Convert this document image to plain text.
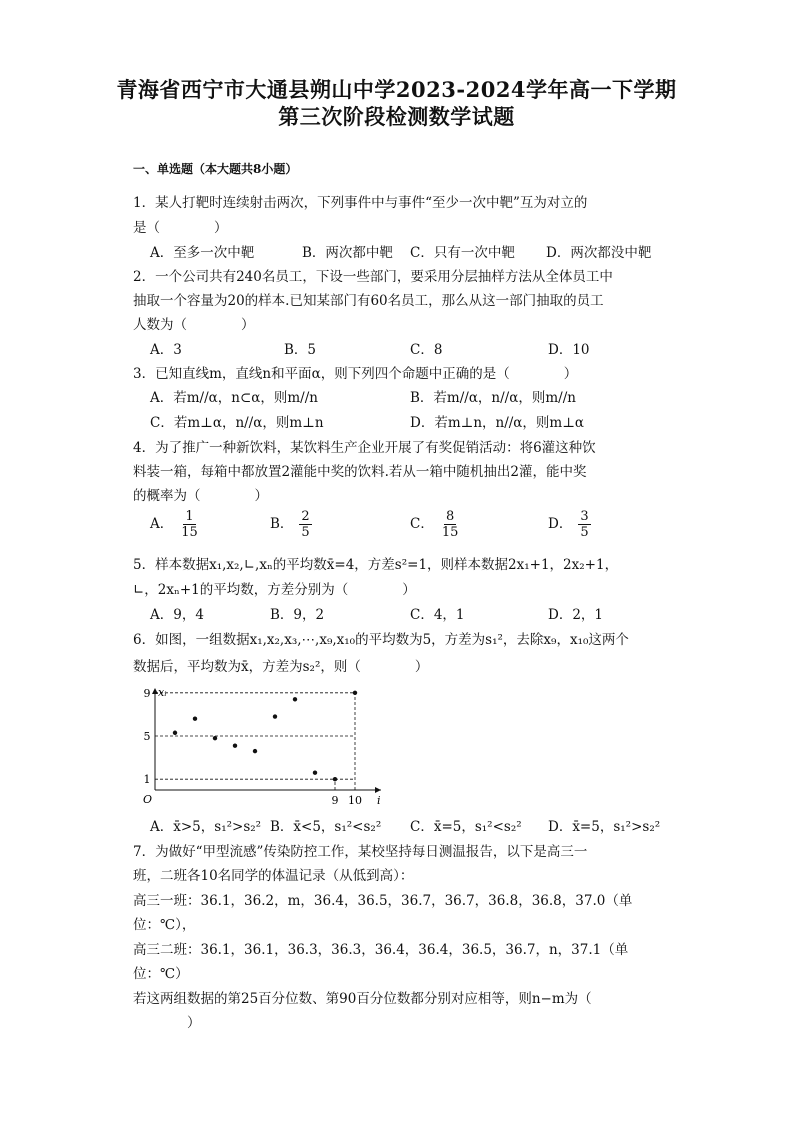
青海省西宁市大通县朔山中学2023-2024学年高一下学期
第三次阶段检测数学试题
一、单选题（本大题共8小题）
1．某人打靶时连续射击两次，下列事件中与事件“至少一次中靶”互为对立的
是（　　　　）
A．至多一次中靶	B．两次都中靶 C．只有一次中靶 D．两次都没中靶
2．一个公司共有240名员工，下设一些部门，要采用分层抽样方法从全体员工中
抽取一个容量为20的样本.已知某部门有60名员工，那么从这一部门抽取的员工
人数为（　　　　）
A．3	B．5	C．8	D．10
3．已知直线m，直线n和平面α，则下列四个命题中正确的是（　　　　）
A．若m//α，n⊂α，则m//n	B．若m//α，n//α，则m//n
C．若m⊥α，n//α，则m⊥n	D．若m⊥n，n//α，则m⊥α
4．为了推广一种新饮料，某饮料生产企业开展了有奖促销活动：将6灌这种饮
料装一箱，每箱中都放置2灌能中奖的饮料.若从一箱中随机抽出2灌，能中奖
的概率为（　　　　）
A． $\frac{1}{15}$	B． $\frac{2}{5}$	C． $\frac{8}{15}$	D． $\frac{3}{5}$
5．样本数据x₁,x₂,∟,xₙ的平均数x̄=4，方差s²=1，则样本数据2x₁+1，2x₂+1，
∟，2xₙ+1的平均数，方差分别为（　　　　）
A．9，4	B．9，2	C．4，1	D．2，1
6．如图，一组数据x₁,x₂,x₃,⋯,x₉,x₁₀的平均数为5，方差为s₁²，去除x₉，x₁₀这两个
数据后，平均数为x̄，方差为s₂²，则（　　　　）
xᵢ
i
O
1
5
9
9 10
A．x̄>5，s₁²>s₂² B．x̄<5，s₁²<s₂² C．x̄=5，s₁²<s₂² D．x̄=5，s₁²>s₂²
7．为做好“甲型流感”传染防控工作，某校坚持每日测温报告，以下是高三一
班，二班各10名同学的体温记录（从低到高）：
高三一班：36.1，36.2，m，36.4，36.5，36.7，36.7，36.8，36.8，37.0（单
位：℃），
高三二班：36.1，36.1，36.3，36.3，36.4，36.4，36.5，36.7，n，37.1（单
位：℃）
若这两组数据的第25百分位数、第90百分位数都分别对应相等，则n−m为（
　　　　）
